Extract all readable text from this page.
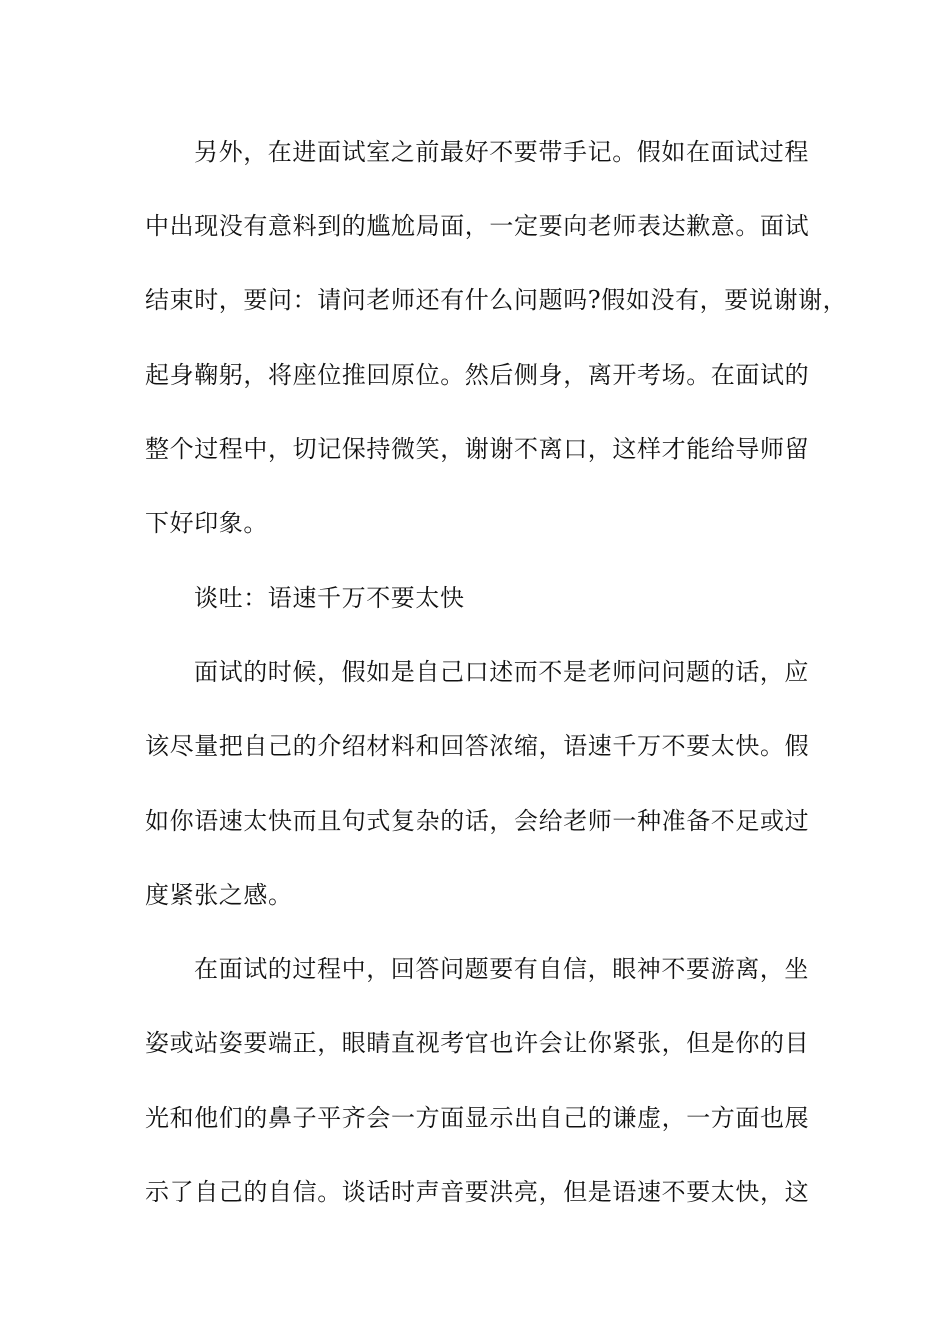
另外，在进面试室之前最好不要带手记。假如在面试过程
中出现没有意料到的尴尬局面，一定要向老师表达歉意。面试
结束时，要问：请问老师还有什么问题吗?假如没有，要说谢谢，
起身鞠躬，将座位推回原位。然后侧身，离开考场。在面试的
整个过程中，切记保持微笑，谢谢不离口，这样才能给导师留
下好印象。
谈吐：语速千万不要太快
面试的时候，假如是自己口述而不是老师问问题的话，应
该尽量把自己的介绍材料和回答浓缩，语速千万不要太快。假
如你语速太快而且句式复杂的话，会给老师一种准备不足或过
度紧张之感。
在面试的过程中，回答问题要有自信，眼神不要游离，坐
姿或站姿要端正，眼睛直视考官也许会让你紧张，但是你的目
光和他们的鼻子平齐会一方面显示出自己的谦虚，一方面也展
示了自己的自信。谈话时声音要洪亮，但是语速不要太快，这
